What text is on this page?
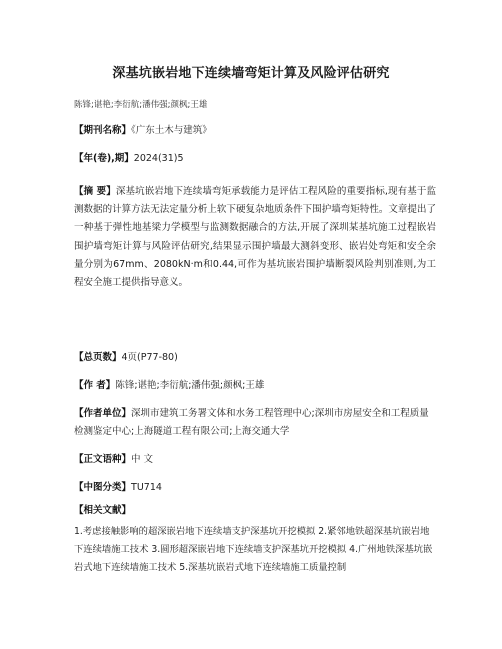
深基坑嵌岩地下连续墙弯矩计算及风险评估研究
陈锋;谌艳;李衍航;潘伟强;颜枫;王雄
【期刊名称】《广东土木与建筑》
【年(卷),期】2024(31)5
【摘 要】深基坑嵌岩地下连续墙弯矩承载能力是评估工程风险的重要指标,现有基于监测数据的计算方法无法定量分析上软下硬复杂地质条件下围护墙弯矩特性。文章提出了一种基于弹性地基梁力学模型与监测数据融合的方法,开展了深圳某基坑施工过程嵌岩围护墙弯矩计算与风险评估研究,结果显示围护墙最大测斜变形、嵌岩处弯矩和安全余量分别为67mm、2080kN·m和0.44,可作为基坑嵌岩围护墙断裂风险判别准则,为工程安全施工提供指导意义。
【总页数】4页(P77-80)
【作 者】陈锋;谌艳;李衍航;潘伟强;颜枫;王雄
【作者单位】深圳市建筑工务署文体和水务工程管理中心;深圳市房屋安全和工程质量检测鉴定中心;上海隧道工程有限公司;上海交通大学
【正文语种】中 文
【中图分类】TU714
【相关文献】
1.考虑接触影响的超深嵌岩地下连续墙支护深基坑开挖模拟 2.紧邻地铁超深基坑嵌岩地下连续墙施工技术 3.圆形超深嵌岩地下连续墙支护深基坑开挖模拟 4.广州地铁深基坑嵌岩式地下连续墙施工技术 5.深基坑嵌岩式地下连续墙施工质量控制
